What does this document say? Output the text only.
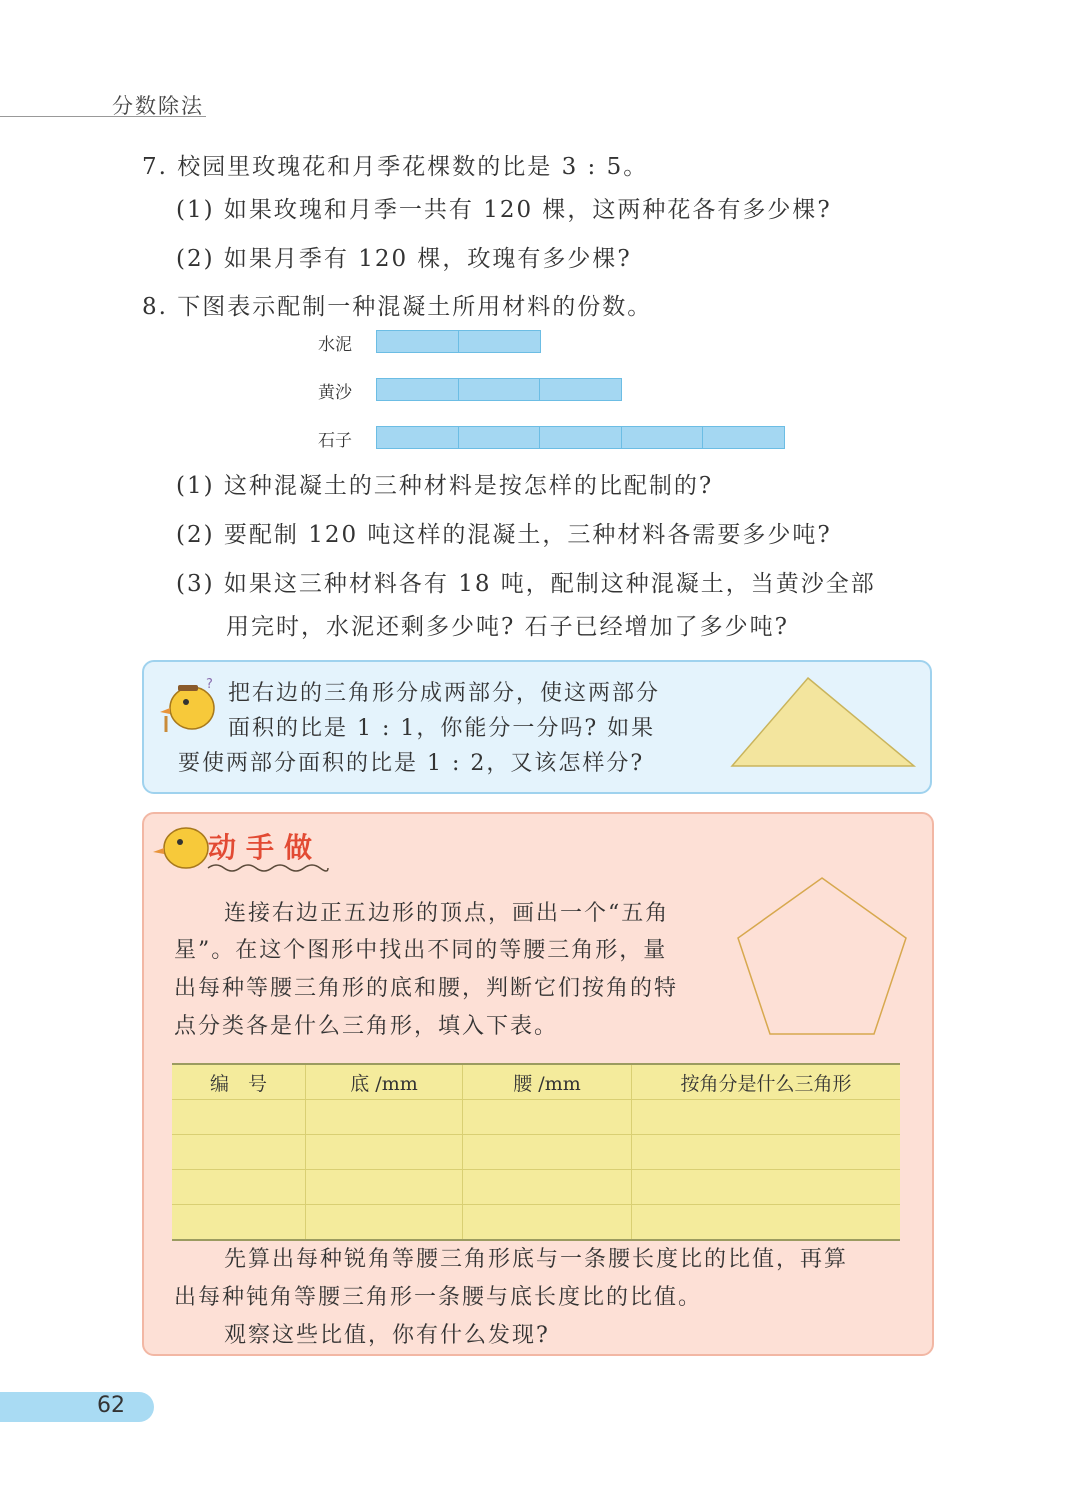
分数除法
7. 校园里玫瑰花和月季花棵数的比是 3 : 5。
(1) 如果玫瑰和月季一共有 120 棵，这两种花各有多少棵?
(2) 如果月季有 120 棵，玫瑰有多少棵?
8. 下图表示配制一种混凝土所用材料的份数。
水泥
黄沙
石子
(1) 这种混凝土的三种材料是按怎样的比配制的?
(2) 要配制 120 吨这样的混凝土，三种材料各需要多少吨?
(3) 如果这三种材料各有 18 吨，配制这种混凝土，当黄沙全部
用完时，水泥还剩多少吨? 石子已经增加了多少吨?
? 把右边的三角形分成两部分，使这两部分
面积的比是 1 : 1，你能分一分吗? 如果
要使两部分面积的比是 1 : 2，又该怎样分?
动手做
连接右边正五边形的顶点，画出一个“五角
星”。在这个图形中找出不同的等腰三角形，量
出每种等腰三角形的底和腰，判断它们按角的特
点分类各是什么三角形，填入下表。
编　号	底 /mm	腰 /mm	按角分是什么三角形

先算出每种锐角等腰三角形底与一条腰长度比的比值，再算
出每种钝角等腰三角形一条腰与底长度比的比值。
观察这些比值，你有什么发现?
62
